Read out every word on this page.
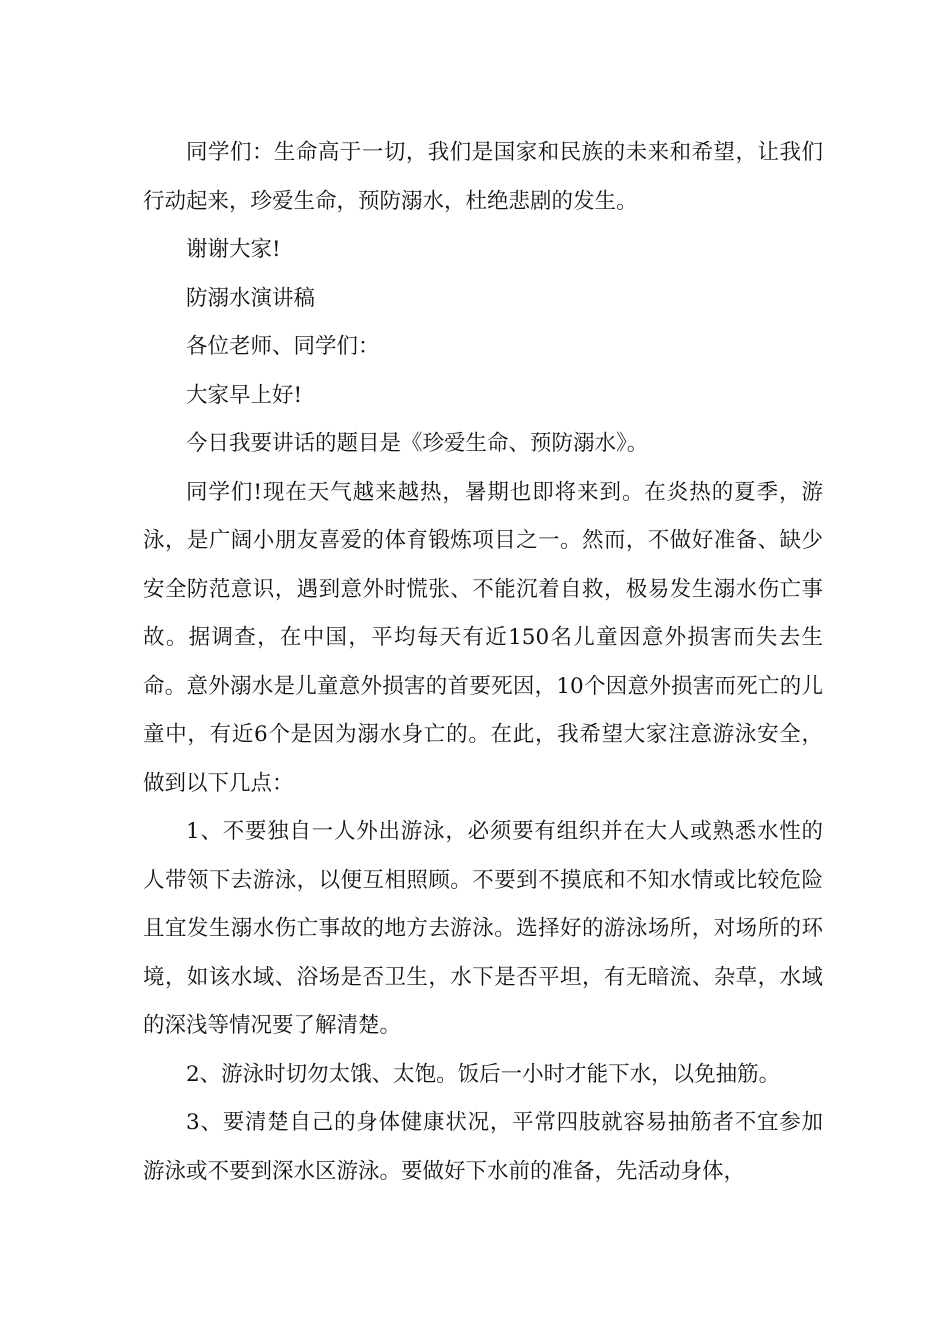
同学们：生命高于一切，我们是国家和民族的未来和希望，让我们行动起来，珍爱生命，预防溺水，杜绝悲剧的发生。

谢谢大家!

防溺水演讲稿

各位老师、同学们：

大家早上好!

今日我要讲话的题目是《珍爱生命、预防溺水》。

同学们!现在天气越来越热，暑期也即将来到。在炎热的夏季，游泳，是广阔小朋友喜爱的体育锻炼项目之一。然而，不做好准备、缺少安全防范意识，遇到意外时慌张、不能沉着自救，极易发生溺水伤亡事故。据调查，在中国，平均每天有近150名儿童因意外损害而失去生命。意外溺水是儿童意外损害的首要死因，10个因意外损害而死亡的儿童中，有近6个是因为溺水身亡的。在此，我希望大家注意游泳安全，做到以下几点：

1、不要独自一人外出游泳，必须要有组织并在大人或熟悉水性的人带领下去游泳，以便互相照顾。不要到不摸底和不知水情或比较危险且宜发生溺水伤亡事故的地方去游泳。选择好的游泳场所，对场所的环境，如该水域、浴场是否卫生，水下是否平坦，有无暗流、杂草，水域的深浅等情况要了解清楚。

2、游泳时切勿太饿、太饱。饭后一小时才能下水，以免抽筋。

3、要清楚自己的身体健康状况，平常四肢就容易抽筋者不宜参加游泳或不要到深水区游泳。要做好下水前的准备，先活动身体，
